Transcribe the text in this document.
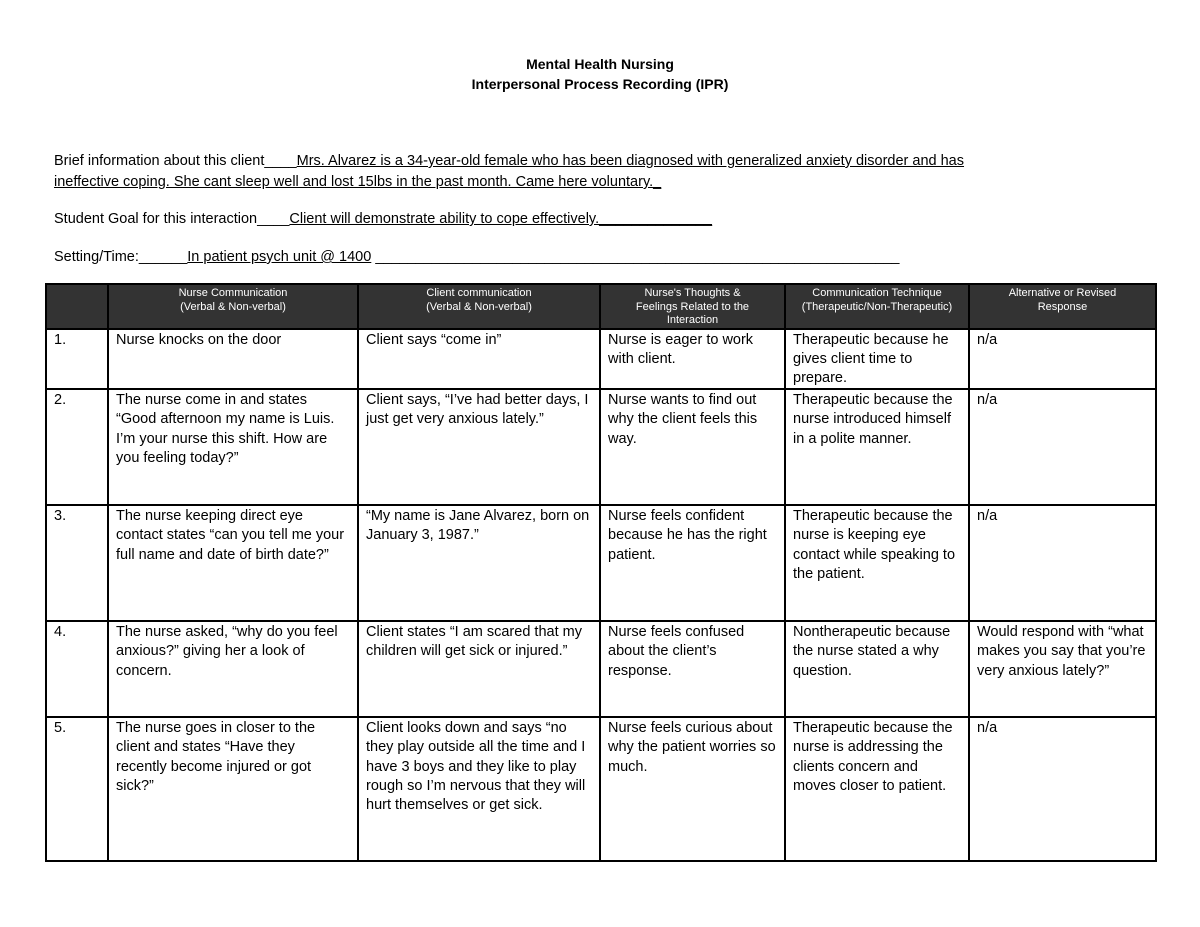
Mental Health Nursing
Interpersonal Process Recording (IPR)
Brief information about this client____Mrs. Alvarez is a 34-year-old female who has been diagnosed with generalized anxiety disorder and has
ineffective coping. She cant sleep well and lost 15lbs in the past month. Came here voluntary._
Student Goal for this interaction____Client will demonstrate ability to cope effectively.______________
Setting/Time:______In patient psych unit @ 1400 _________________________________________________________________
	Nurse Communication
(Verbal & Non-verbal)	Client communication
(Verbal & Non-verbal)	Nurse's Thoughts &
Feelings Related to the
Interaction	Communication Technique
(Therapeutic/Non-Therapeutic)	Alternative or Revised
Response
1.	Nurse knocks on the door	Client says “come in”	Nurse is eager to work with client.	Therapeutic because he gives client time to prepare.	n/a
2.	The nurse come in and states “Good afternoon my name is Luis. I’m your nurse this shift. How are you feeling today?”	Client says, “I’ve had better days, I just get very anxious lately.”	Nurse wants to find out why the client feels this way.	Therapeutic because the nurse introduced himself in a polite manner.	n/a
3.	The nurse keeping direct eye contact states “can you tell me your full name and date of birth date?”	“My name is Jane Alvarez, born on January 3, 1987.”	Nurse feels confident because he has the right patient.	Therapeutic because the nurse is keeping eye contact while speaking to the patient.	n/a
4.	The nurse asked, “why do you feel anxious?” giving her a look of concern.	Client states “I am scared that my children will get sick or injured.”	Nurse feels confused about the client’s response.	Nontherapeutic because the nurse stated a why question.	Would respond with “what makes you say that you’re very anxious lately?”
5.	The nurse goes in closer to the client and states “Have they recently become injured or got sick?”	Client looks down and says “no they play outside all the time and I have 3 boys and they like to play rough so I’m nervous that they will hurt themselves or get sick.	Nurse feels curious about why the patient worries so much.	Therapeutic because the nurse is addressing the clients concern and moves closer to patient.	n/a
